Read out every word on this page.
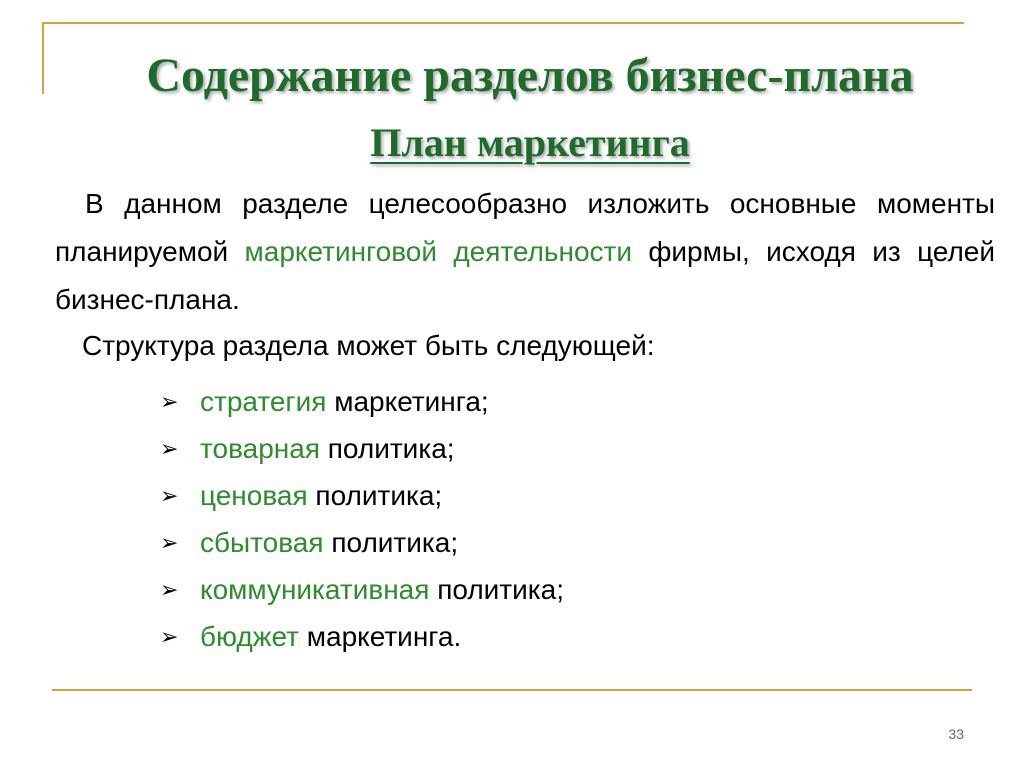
Содержание разделов бизнес-плана
План маркетинга

В данном разделе целесообразно изложить основные моменты планируемой маркетинговой деятельности фирмы, исходя из целей бизнес-плана.

Структура раздела может быть следующей:

➢ стратегия маркетинга;
➢ товарная политика;
➢ ценовая политика;
➢ сбытовая политика;
➢ коммуникативная политика;
➢ бюджет маркетинга.
33
